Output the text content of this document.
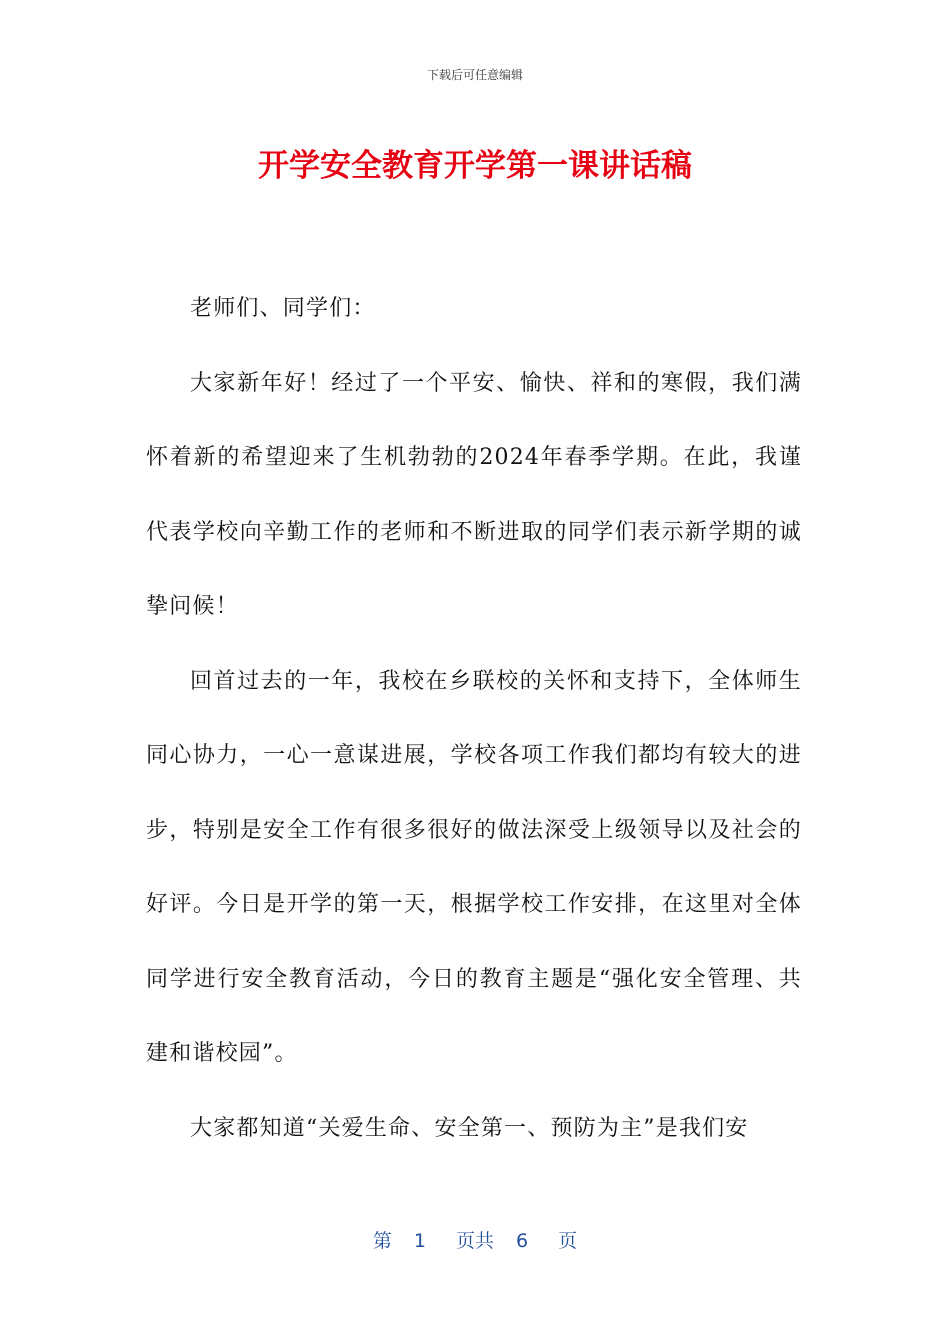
下载后可任意编辑
开学安全教育开学第一课讲话稿

老师们、同学们：

大家新年好！经过了一个平安、愉快、祥和的寒假，我们满怀着新的希望迎来了生机勃勃的2024年春季学期。在此，我谨代表学校向辛勤工作的老师和不断进取的同学们表示新学期的诚挚问候！

回首过去的一年，我校在乡联校的关怀和支持下，全体师生同心协力，一心一意谋进展，学校各项工作我们都均有较大的进步，特别是安全工作有很多很好的做法深受上级领导以及社会的好评。今日是开学的第一天，根据学校工作安排，在这里对全体同学进行安全教育活动，今日的教育主题是“强化安全管理、共建和谐校园”。

大家都知道“关爱生命、安全第一、预防为主”是我们安

第 1 页共 6 页
